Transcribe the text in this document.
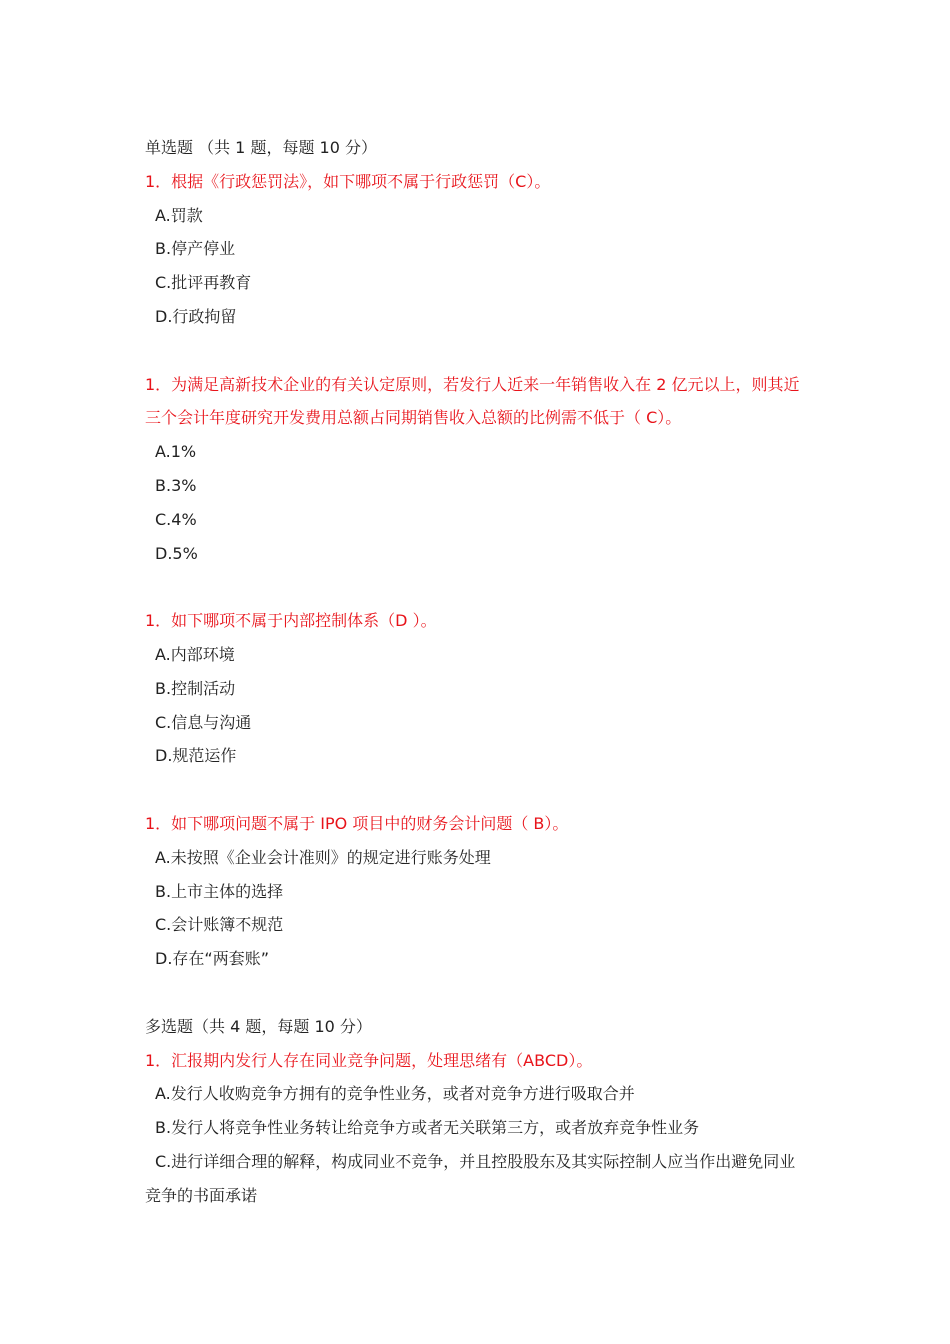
单选题 （共 1 题，每题 10 分）
1．根据《行政惩罚法》，如下哪项不属于行政惩罚（C）。
A.罚款
B.停产停业
C.批评再教育
D.行政拘留
1．为满足高新技术企业的有关认定原则，若发行人近来一年销售收入在 2 亿元以上，则其近三个会计年度研究开发费用总额占同期销售收入总额的比例需不低于（ C）。
A.1%
B.3%
C.4%
D.5%
1．如下哪项不属于内部控制体系（D ）。
A.内部环境
B.控制活动
C.信息与沟通
D.规范运作
1．如下哪项问题不属于 IPO 项目中的财务会计问题（ B）。
A.未按照《企业会计准则》的规定进行账务处理
B.上市主体的选择
C.会计账簿不规范
D.存在“两套账”
多选题（共 4 题，每题 10 分）
1．汇报期内发行人存在同业竞争问题，处理思绪有（ABCD）。
A.发行人收购竞争方拥有的竞争性业务，或者对竞争方进行吸取合并
B.发行人将竞争性业务转让给竞争方或者无关联第三方，或者放弃竞争性业务
C.进行详细合理的解释，构成同业不竞争，并且控股股东及其实际控制人应当作出避免同业竞争的书面承诺
